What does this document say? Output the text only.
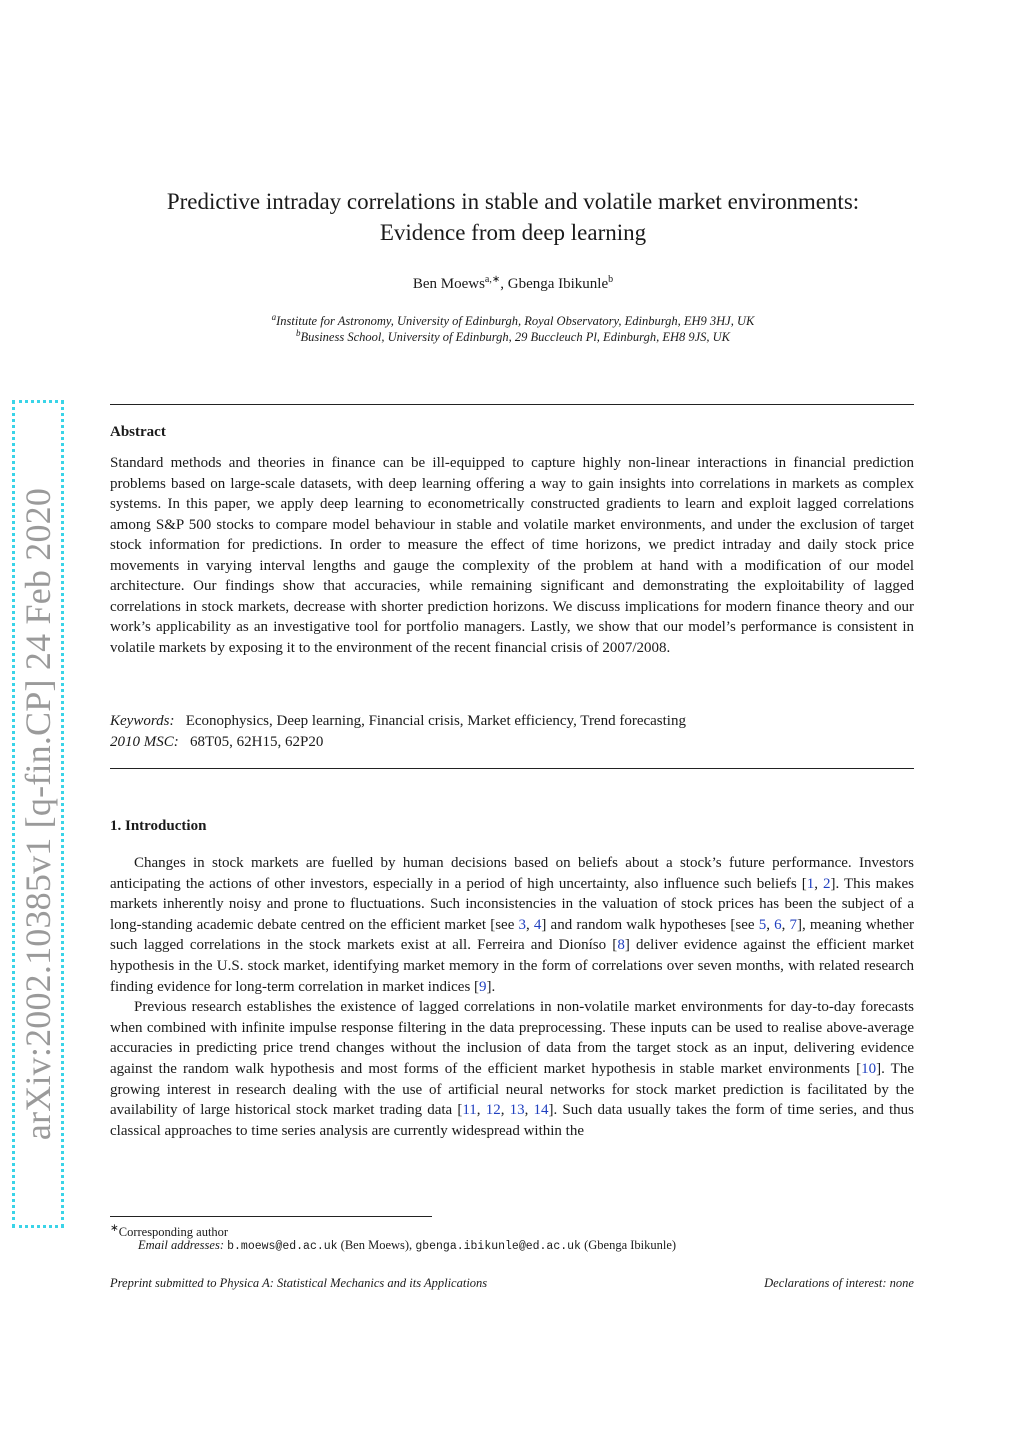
arXiv:2002.10385v1 [q-fin.CP] 24 Feb 2020
Predictive intraday correlations in stable and volatile market environments:
Evidence from deep learning
Ben Moews$^{a,∗}$, Gbenga Ibikunle$^b$
$^a$Institute for Astronomy, University of Edinburgh, Royal Observatory, Edinburgh, EH9 3HJ, UK
$^b$Business School, University of Edinburgh, 29 Buccleuch Pl, Edinburgh, EH8 9JS, UK
Abstract
Standard methods and theories in finance can be ill-equipped to capture highly non-linear interactions in financial prediction problems based on large-scale datasets, with deep learning offering a way to gain insights into correlations in markets as complex systems. In this paper, we apply deep learning to econometrically constructed gradients to learn and exploit lagged correlations among S&P 500 stocks to compare model behaviour in stable and volatile market environments, and under the exclusion of target stock information for predictions. In order to measure the effect of time horizons, we predict intraday and daily stock price movements in varying interval lengths and gauge the complexity of the problem at hand with a modification of our model architecture. Our findings show that accuracies, while remaining significant and demonstrating the exploitability of lagged correlations in stock markets, decrease with shorter prediction horizons. We discuss implications for modern finance theory and our work’s applicability as an investigative tool for portfolio managers. Lastly, we show that our model’s performance is consistent in volatile markets by exposing it to the environment of the recent financial crisis of 2007/2008.
Keywords: Econophysics, Deep learning, Financial crisis, Market efficiency, Trend forecasting
2010 MSC: 68T05, 62H15, 62P20
1. Introduction

Changes in stock markets are fuelled by human decisions based on beliefs about a stock’s future performance. Investors anticipating the actions of other investors, especially in a period of high uncertainty, also influence such beliefs [1, 2]. This makes markets inherently noisy and prone to fluctuations. Such inconsistencies in the valuation of stock prices has been the subject of a long-standing academic debate centred on the efficient market [see 3, 4] and random walk hypotheses [see 5, 6, 7], meaning whether such lagged correlations in the stock markets exist at all. Ferreira and Dioníso [8] deliver evidence against the efficient market hypothesis in the U.S. stock market, identifying market memory in the form of correlations over seven months, with related research finding evidence for long-term correlation in market indices [9].

Previous research establishes the existence of lagged correlations in non-volatile market environments for day-to-day forecasts when combined with infinite impulse response filtering in the data preprocessing. These inputs can be used to realise above-average accuracies in predicting price trend changes without the inclusion of data from the target stock as an input, delivering evidence against the random walk hypothesis and most forms of the efficient market hypothesis in stable market environments [10]. The growing interest in research dealing with the use of artificial neural networks for stock market prediction is facilitated by the availability of large historical stock market trading data [11, 12, 13, 14]. Such data usually takes the form of time series, and thus classical approaches to time series analysis are currently widespread within the

∗Corresponding author
Email addresses: b.moews@ed.ac.uk (Ben Moews), gbenga.ibikunle@ed.ac.uk (Gbenga Ibikunle)
Preprint submitted to Physica A: Statistical Mechanics and its Applications	Declarations of interest: none
